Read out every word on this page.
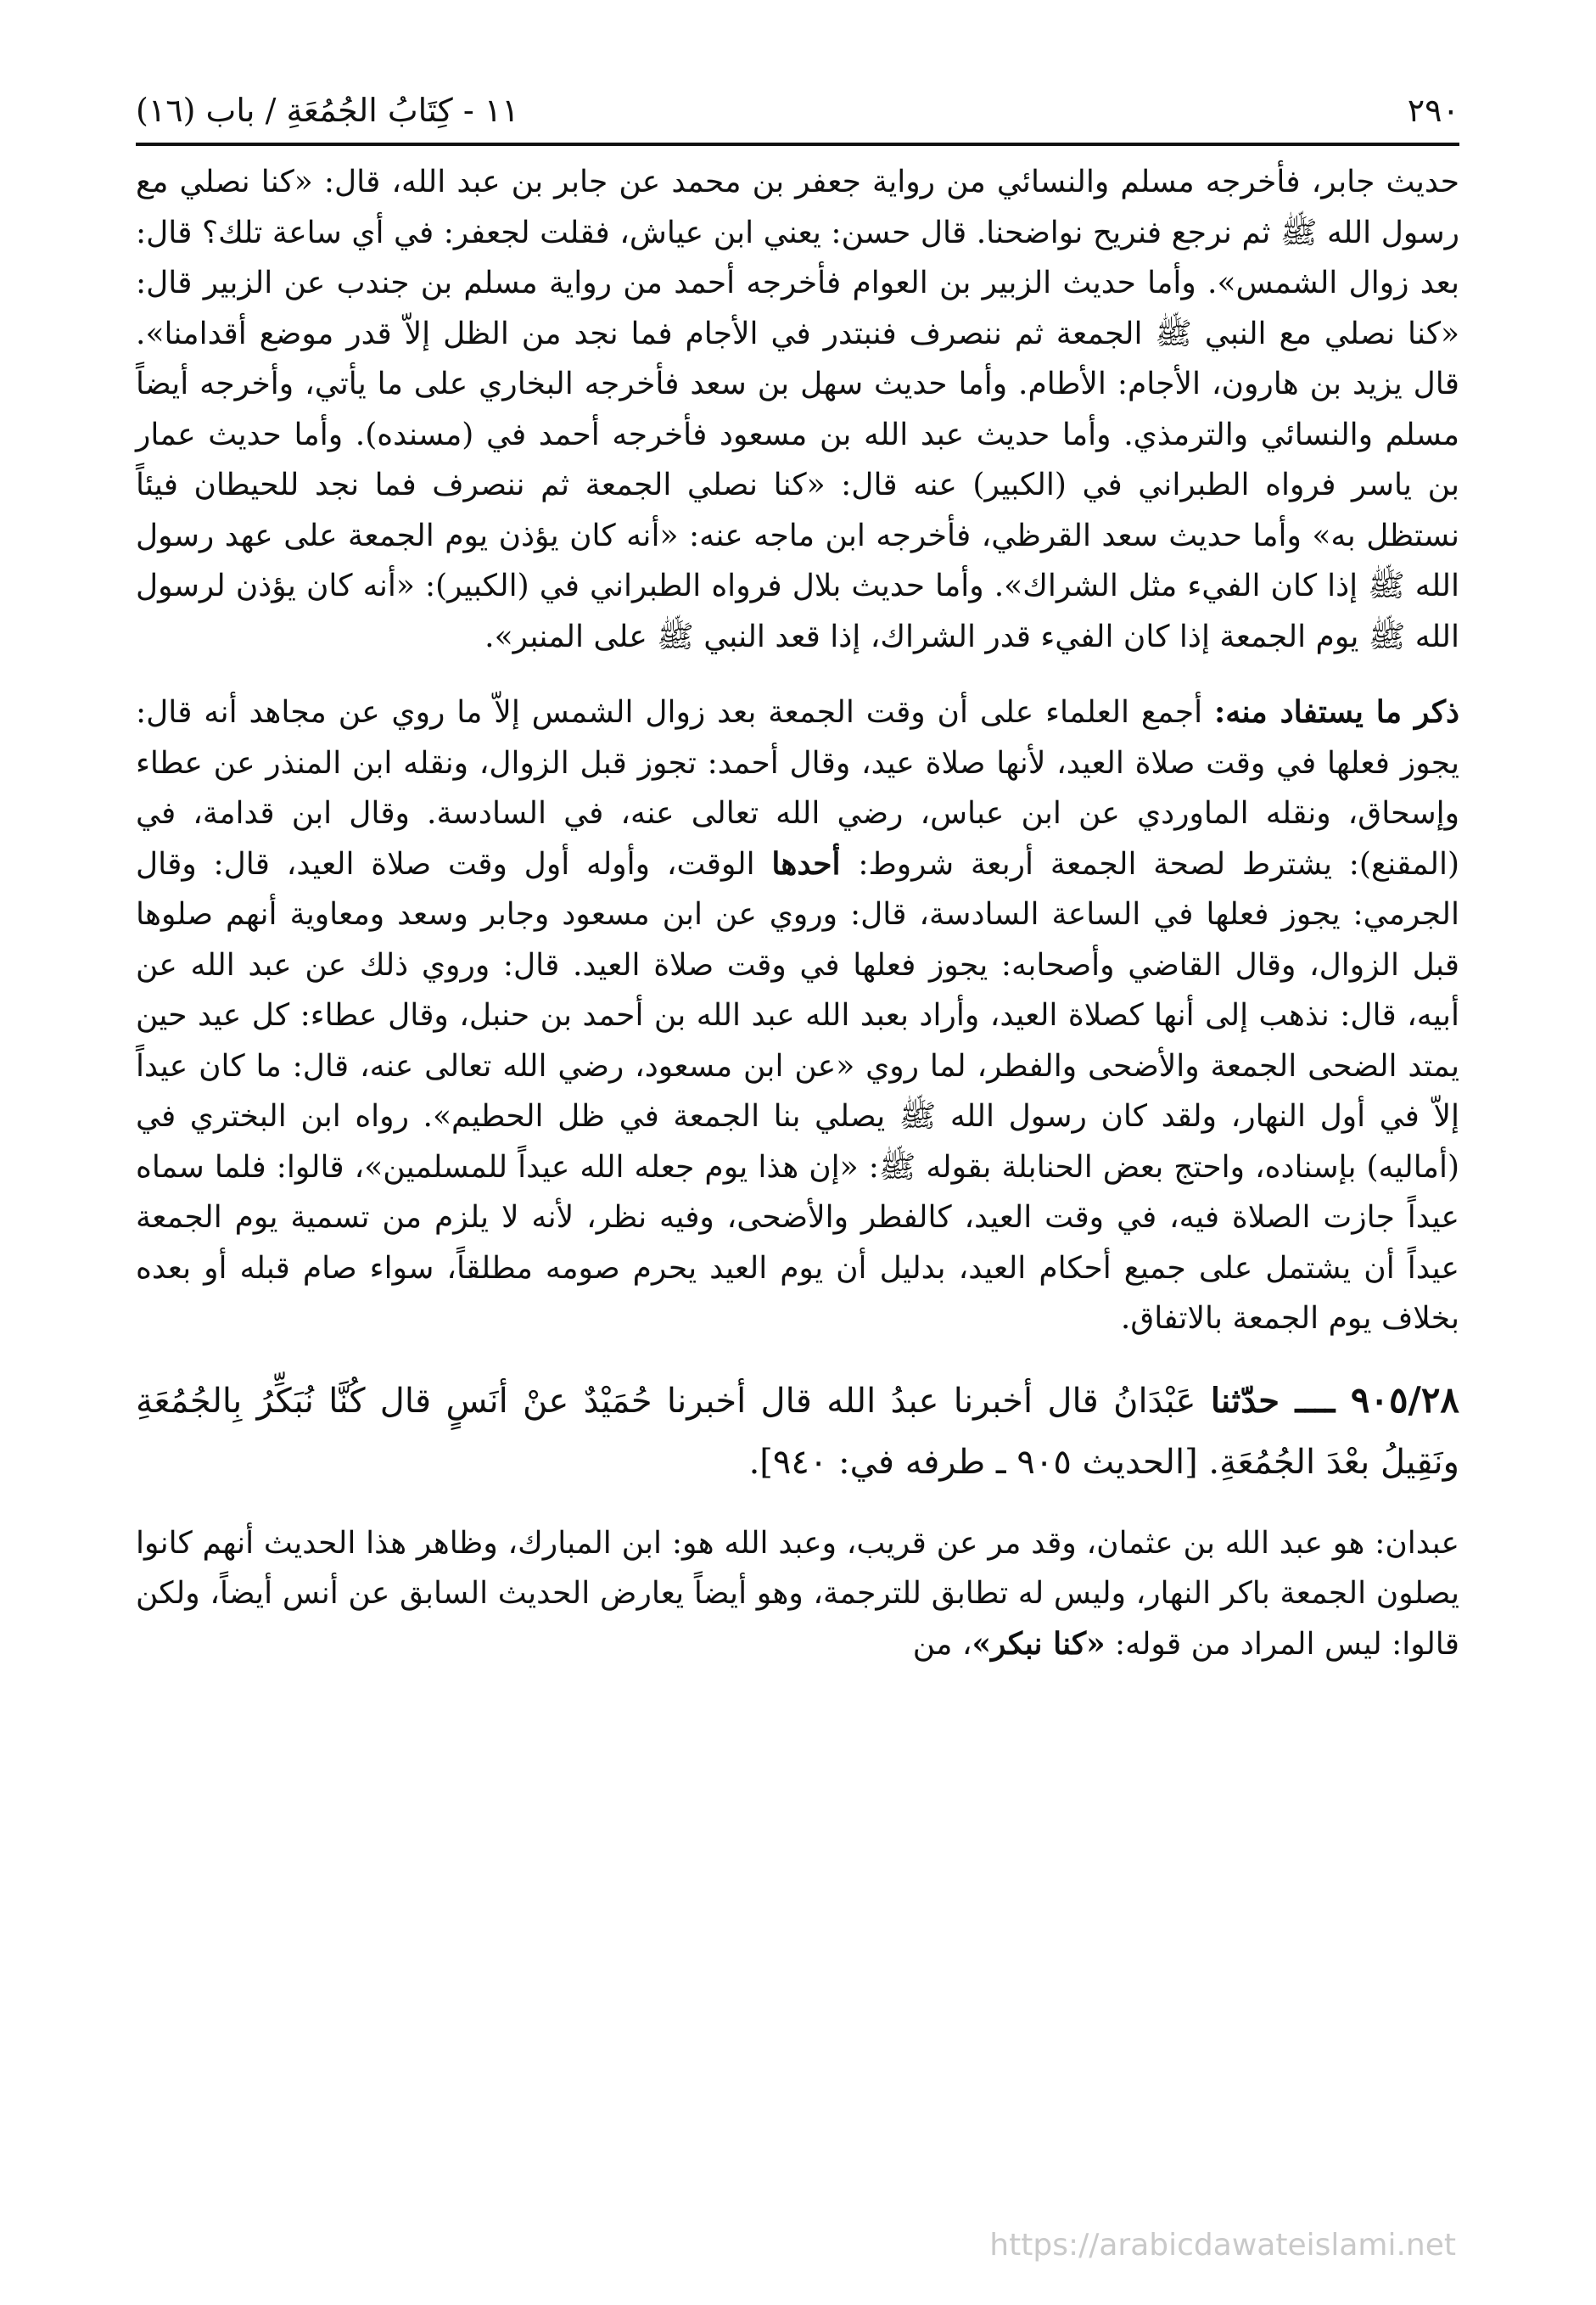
٢٩٠
١١ - كِتَابُ الجُمُعَةِ / باب (١٦)

حديث جابر، فأخرجه مسلم والنسائي من رواية جعفر بن محمد عن جابر بن عبد الله، قال: «كنا نصلي مع رسول الله ﷺ ثم نرجع فنريح نواضحنا. قال حسن: يعني ابن عياش، فقلت لجعفر: في أي ساعة تلك؟ قال: بعد زوال الشمس». وأما حديث الزبير بن العوام فأخرجه أحمد من رواية مسلم بن جندب عن الزبير قال: «كنا نصلي مع النبي ﷺ الجمعة ثم ننصرف فنبتدر في الأجام فما نجد من الظل إلاّ قدر موضع أقدامنا». قال يزيد بن هارون، الأجام: الأطام. وأما حديث سهل بن سعد فأخرجه البخاري على ما يأتي، وأخرجه أيضاً مسلم والنسائي والترمذي. وأما حديث عبد الله بن مسعود فأخرجه أحمد في (مسنده). وأما حديث عمار بن ياسر فرواه الطبراني في (الكبير) عنه قال: «كنا نصلي الجمعة ثم ننصرف فما نجد للحيطان فيئاً نستظل به» وأما حديث سعد القرظي، فأخرجه ابن ماجه عنه: «أنه كان يؤذن يوم الجمعة على عهد رسول الله ﷺ إذا كان الفيء مثل الشراك». وأما حديث بلال فرواه الطبراني في (الكبير): «أنه كان يؤذن لرسول الله ﷺ يوم الجمعة إذا كان الفيء قدر الشراك، إذا قعد النبي ﷺ على المنبر».

ذكر ما يستفاد منه: أجمع العلماء على أن وقت الجمعة بعد زوال الشمس إلاّ ما روي عن مجاهد أنه قال: يجوز فعلها في وقت صلاة العيد، لأنها صلاة عيد، وقال أحمد: تجوز قبل الزوال، ونقله ابن المنذر عن عطاء وإسحاق، ونقله الماوردي عن ابن عباس، رضي الله تعالى عنه، في السادسة. وقال ابن قدامة، في (المقنع): يشترط لصحة الجمعة أربعة شروط: أحدها الوقت، وأوله أول وقت صلاة العيد، قال: وقال الجرمي: يجوز فعلها في الساعة السادسة، قال: وروي عن ابن مسعود وجابر وسعد ومعاوية أنهم صلوها قبل الزوال، وقال القاضي وأصحابه: يجوز فعلها في وقت صلاة العيد. قال: وروي ذلك عن عبد الله عن أبيه، قال: نذهب إلى أنها كصلاة العيد، وأراد بعبد الله عبد الله بن أحمد بن حنبل، وقال عطاء: كل عيد حين يمتد الضحى الجمعة والأضحى والفطر، لما روي «عن ابن مسعود، رضي الله تعالى عنه، قال: ما كان عيداً إلاّ في أول النهار، ولقد كان رسول الله ﷺ يصلي بنا الجمعة في ظل الحطيم». رواه ابن البختري في (أماليه) بإسناده، واحتج بعض الحنابلة بقوله ﷺ: «إن هذا يوم جعله الله عيداً للمسلمين»، قالوا: فلما سماه عيداً جازت الصلاة فيه، في وقت العيد، كالفطر والأضحى، وفيه نظر، لأنه لا يلزم من تسمية يوم الجمعة عيداً أن يشتمل على جميع أحكام العيد، بدليل أن يوم العيد يحرم صومه مطلقاً، سواء صام قبله أو بعده بخلاف يوم الجمعة بالاتفاق.

٩٠٥/٢٨ ــــ حدّثنا عَبْدَانُ قال أخبرنا عبدُ الله قال أخبرنا حُمَيْدٌ عنْ أنَسٍ قال كُنَّا نُبَكِّرُ بِالجُمُعَةِ ونَقِيلُ بعْدَ الجُمُعَةِ. [الحديث ٩٠٥ ـ طرفه في: ٩٤٠].

عبدان: هو عبد الله بن عثمان، وقد مر عن قريب، وعبد الله هو: ابن المبارك، وظاهر هذا الحديث أنهم كانوا يصلون الجمعة باكر النهار، وليس له تطابق للترجمة، وهو أيضاً يعارض الحديث السابق عن أنس أيضاً، ولكن قالوا: ليس المراد من قوله: «كنا نبكر»، من

https://arabicdawateislami.net
